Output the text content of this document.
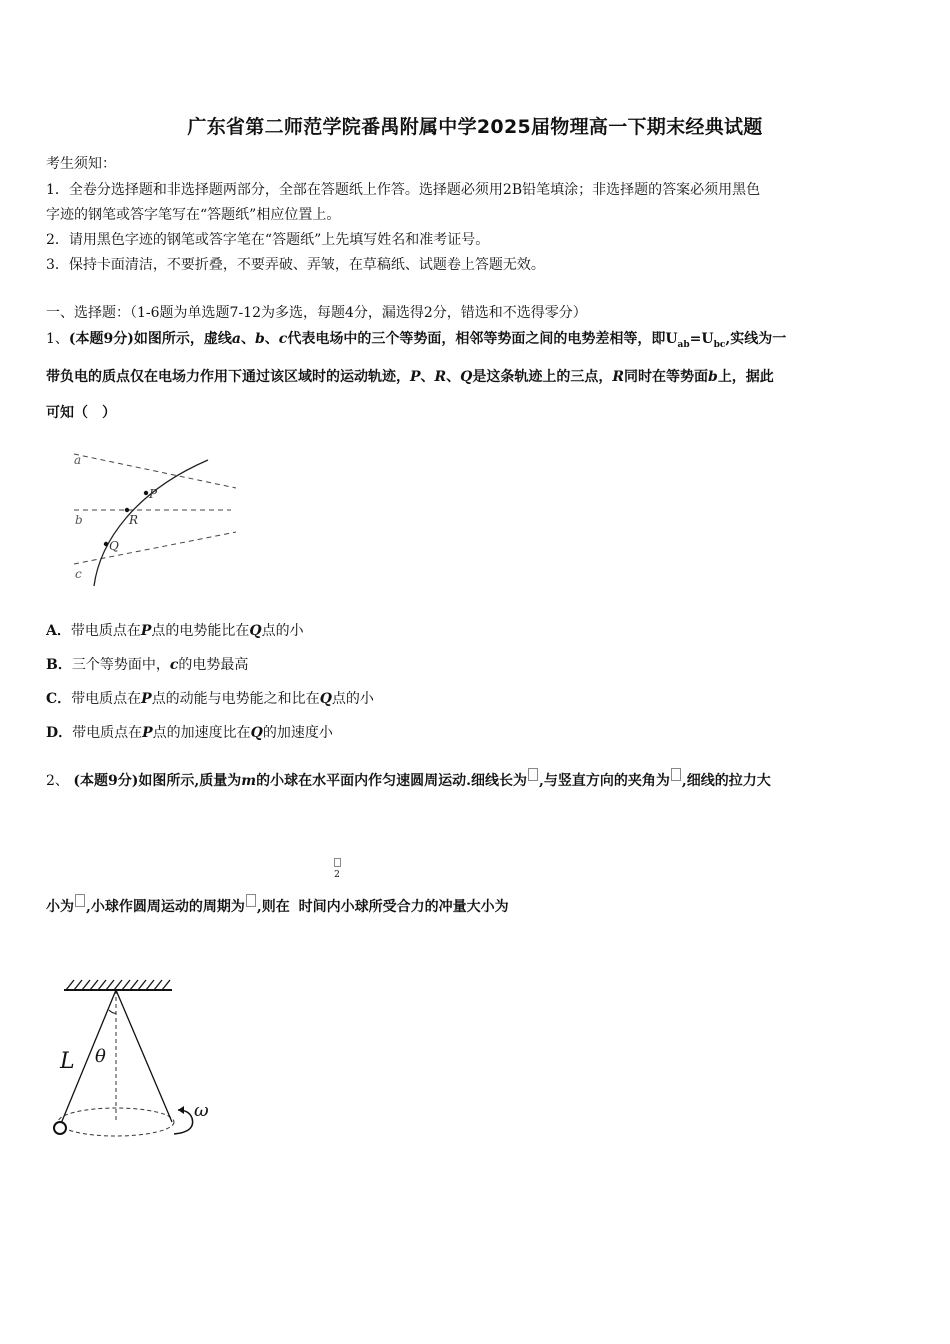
广东省第二师范学院番禺附属中学2025届物理高一下期末经典试题
考生须知：
1．全卷分选择题和非选择题两部分，全部在答题纸上作答。选择题必须用2B铅笔填涂；非选择题的答案必须用黑色
字迹的钢笔或答字笔写在“答题纸”相应位置上。
2．请用黑色字迹的钢笔或答字笔在“答题纸”上先填写姓名和准考证号。
3．保持卡面清洁，不要折叠，不要弄破、弄皱，在草稿纸、试题卷上答题无效。
一、选择题：（1-6题为单选题7-12为多选，每题4分，漏选得2分，错选和不选得零分）
1、(本题9分)如图所示，虚线a、b、c代表电场中的三个等势面，相邻等势面之间的电势差相等，即$U_{ab}=U_{bc}$,实线为一
带负电的质点仅在电场力作用下通过该区域时的运动轨迹，P、R、Q是这条轨迹上的三点，R同时在等势面b上，据此
可知（　）
a
b
c
P
R
Q
A．带电质点在P点的电势能比在Q点的小
B．三个等势面中，c的电势最高
C．带电质点在P点的动能与电势能之和比在Q点的小
D．带电质点在P点的加速度比在Q的加速度小
2、 (本题9分)如图所示,质量为m的小球在水平面内作匀速圆周运动.细线长为 ,与竖直方向的夹角为 ,细线的拉力大

2
小为 ,小球作圆周运动的周期为 ,则在 时间内小球所受合力的冲量大小为
L θ
ω
